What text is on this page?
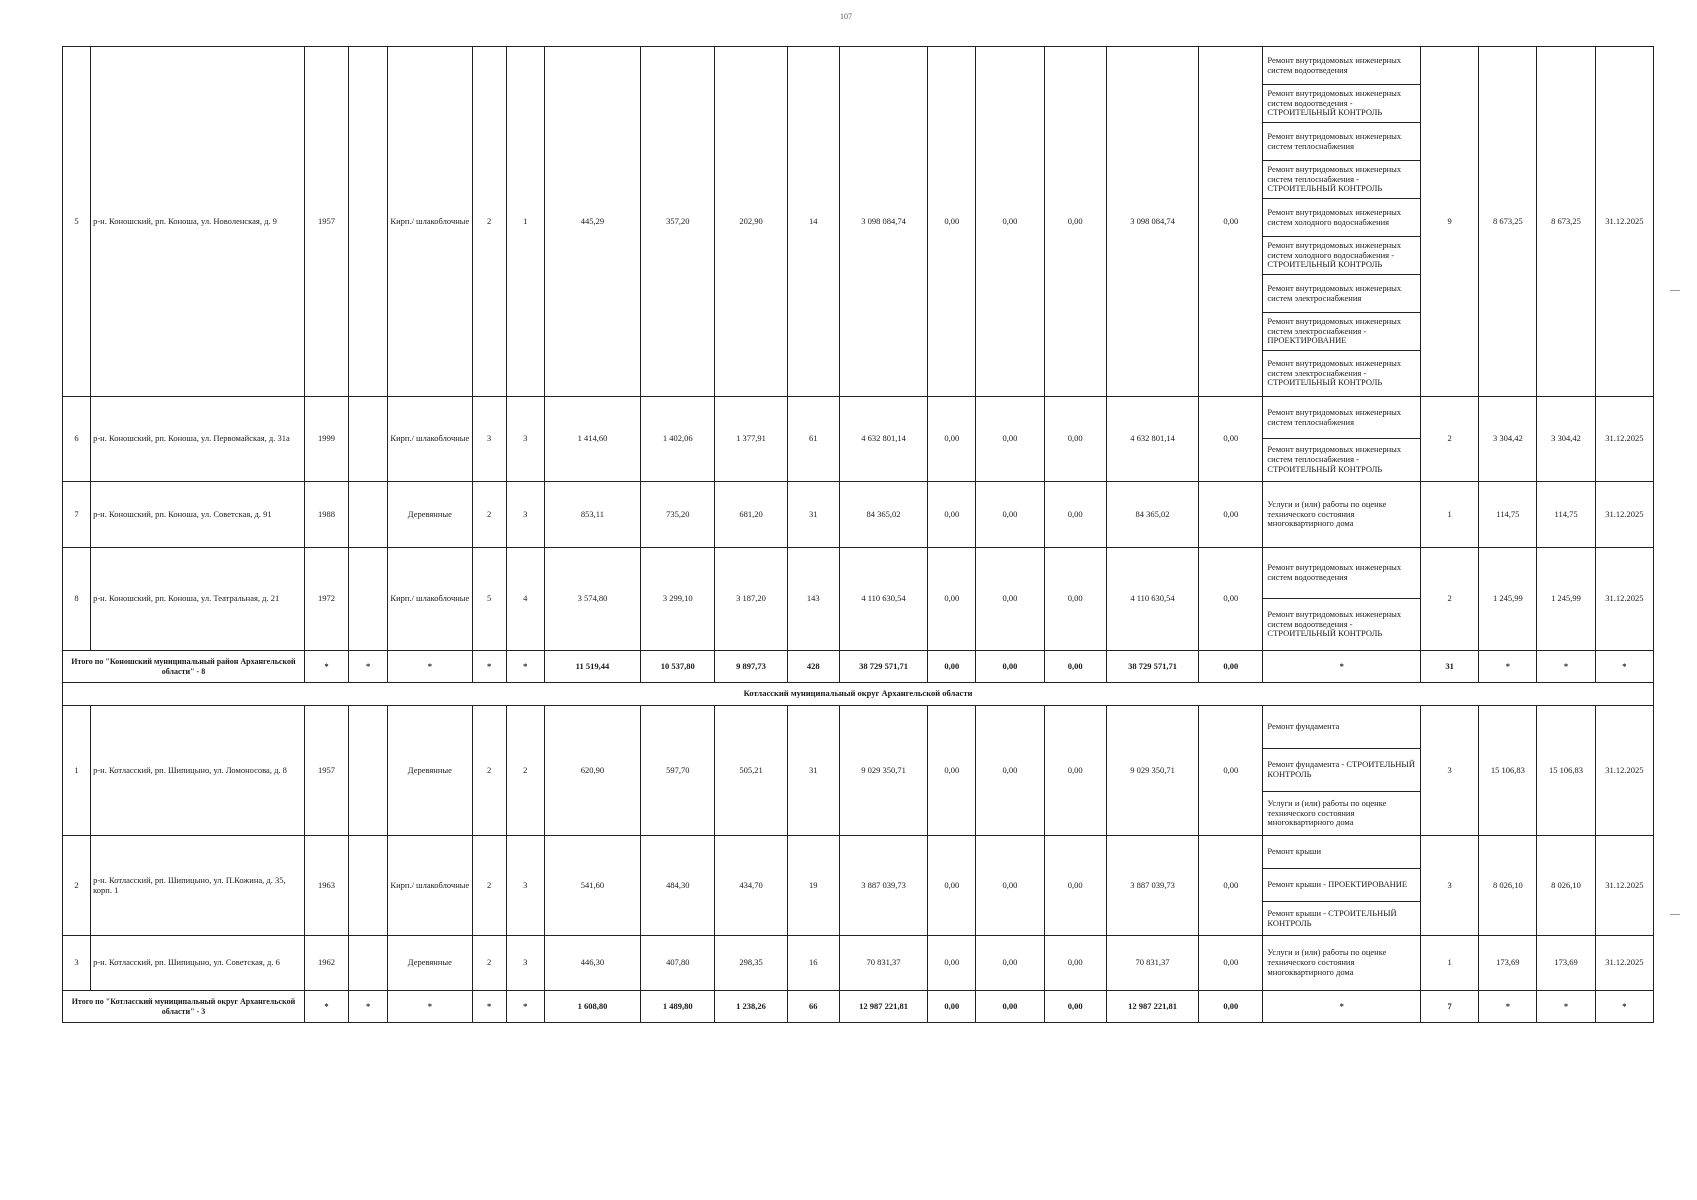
107
5	р-н. Коношский, рп. Коноша, ул. Новоленская, д. 9	1957		Кирп./ шлакоблочные	2	1	445,29	357,20	202,90	14	3 098 084,74	0,00	0,00	0,00	3 098 084,74	0,00	Ремонт внутридомовых инженерных систем водоотведения	9	8 673,25	8 673,25	31.12.2025
																	Ремонт внутридомовых инженерных систем водоотведения - СТРОИТЕЛЬНЫЙ КОНТРОЛЬ				
																	Ремонт внутридомовых инженерных систем теплоснабжения				
																	Ремонт внутридомовых инженерных систем теплоснабжения - СТРОИТЕЛЬНЫЙ КОНТРОЛЬ				
																	Ремонт внутридомовых инженерных систем холодного водоснабжения				
																	Ремонт внутридомовых инженерных систем холодного водоснабжения - СТРОИТЕЛЬНЫЙ КОНТРОЛЬ				
																	Ремонт внутридомовых инженерных систем электроснабжения				
																	Ремонт внутридомовых инженерных систем электроснабжения - ПРОЕКТИРОВАНИЕ				
																	Ремонт внутридомовых инженерных систем электроснабжения - СТРОИТЕЛЬНЫЙ КОНТРОЛЬ				
6	р-н. Коношский, рп. Коноша, ул. Первомайская, д. 31а	1999		Кирп./ шлакоблочные	3	3	1 414,60	1 402,06	1 377,91	61	4 632 801,14	0,00	0,00	0,00	4 632 801,14	0,00	Ремонт внутридомовых инженерных систем теплоснабжения	2	3 304,42	3 304,42	31.12.2025
																	Ремонт внутридомовых инженерных систем теплоснабжения - СТРОИТЕЛЬНЫЙ КОНТРОЛЬ				
7	р-н. Коношский, рп. Коноша, ул. Советская, д. 91	1988		Деревянные	2	3	853,11	735,20	681,20	31	84 365,02	0,00	0,00	0,00	84 365,02	0,00	Услуги и (или) работы по оценке технического состояния многоквартирного дома	1	114,75	114,75	31.12.2025
8	р-н. Коношский, рп. Коноша, ул. Театральная, д. 21	1972		Кирп./ шлакоблочные	5	4	3 574,80	3 299,10	3 187,20	143	4 110 630,54	0,00	0,00	0,00	4 110 630,54	0,00	Ремонт внутридомовых инженерных систем водоотведения	2	1 245,99	1 245,99	31.12.2025
																	Ремонт внутридомовых инженерных систем водоотведения - СТРОИТЕЛЬНЫЙ КОНТРОЛЬ				
Итого по "Коношский муниципальный район Архангельской области" - 8		*	*	*	*	*	11 519,44	10 537,80	9 897,73	428	38 729 571,71	0,00	0,00	0,00	38 729 571,71	0,00	*	31	*	*	*
Котласский муниципальный округ Архангельской области																					
1	р-н. Котласский, рп. Шипицыно, ул. Ломоносова, д. 8	1957		Деревянные	2	2	620,90	597,70	505,21	31	9 029 350,71	0,00	0,00	0,00	9 029 350,71	0,00	Ремонт фундамента	3	15 106,83	15 106,83	31.12.2025
																	Ремонт фундамента - СТРОИТЕЛЬНЫЙ КОНТРОЛЬ				
																	Услуги и (или) работы по оценке технического состояния многоквартирного дома				
2	р-н. Котласский, рп. Шипицыно, ул. П.Кожина, д. 35, корп. 1	1963		Кирп./ шлакоблочные	2	3	541,60	484,30	434,70	19	3 887 039,73	0,00	0,00	0,00	3 887 039,73	0,00	Ремонт крыши	3	8 026,10	8 026,10	31.12.2025
																	Ремонт крыши - ПРОЕКТИРОВАНИЕ				
																	Ремонт крыши - СТРОИТЕЛЬНЫЙ КОНТРОЛЬ				
3	р-н. Котласский, рп. Шипицыно, ул. Советская, д. 6	1962		Деревянные	2	3	446,30	407,80	298,35	16	70 831,37	0,00	0,00	0,00	70 831,37	0,00	Услуги и (или) работы по оценке технического состояния многоквартирного дома	1	173,69	173,69	31.12.2025
Итого по "Котласский муниципальный округ Архангельской области" - 3		*	*	*	*	*	1 608,80	1 489,80	1 238,26	66	12 987 221,81	0,00	0,00	0,00	12 987 221,81	0,00	*	7	*	*	*
